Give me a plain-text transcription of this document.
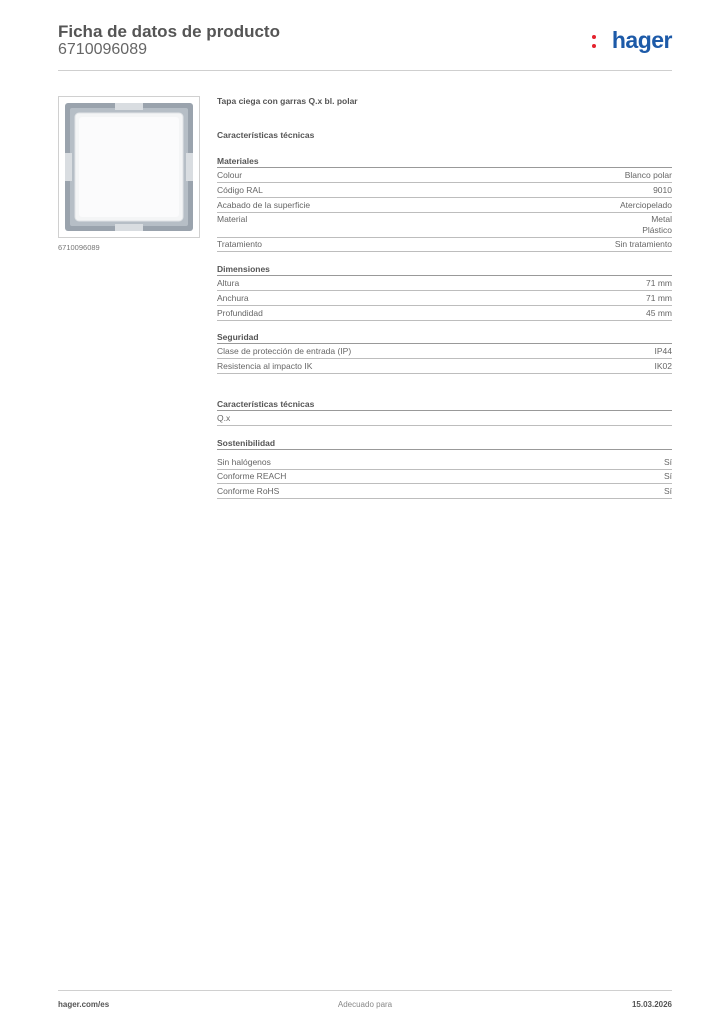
Ficha de datos de producto
6710096089	hager
6710096089
Tapa ciega con garras Q.x bl. polar
Características técnicas
Materiales
Colour	Blanco polar
Código RAL	9010
Acabado de la superficie	Aterciopelado
Material	Metal
Plástico
Tratamiento	Sin tratamiento
Dimensiones
Altura	71 mm
Anchura	71 mm
Profundidad	45 mm
Seguridad
Clase de protección de entrada (IP)	IP44
Resistencia al impacto IK	IK02
Características técnicas
Q.x
Sostenibilidad
Sin halógenos	Sí
Conforme REACH	Sí
Conforme RoHS	Sí
hager.com/es	Adecuado para	15.03.2026
